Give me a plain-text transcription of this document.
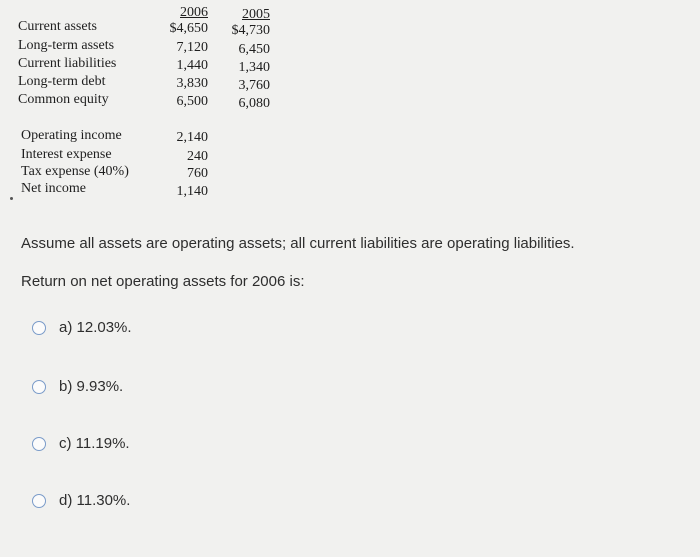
2006 2005
Current assets	$4,650 $4,730
Long-term assets	7,120 6,450
Current liabilities	1,440 1,340
Long-term debt	3,830 3,760
Common equity	6,500 6,080
Operating income	2,140
Interest expense	240
Tax expense (40%)	760
Net income	1,140
Assume all assets are operating assets; all current liabilities are operating liabilities.
Return on net operating assets for 2006 is:
a) 12.03%.
b) 9.93%.
c) 11.19%.
d) 11.30%.
